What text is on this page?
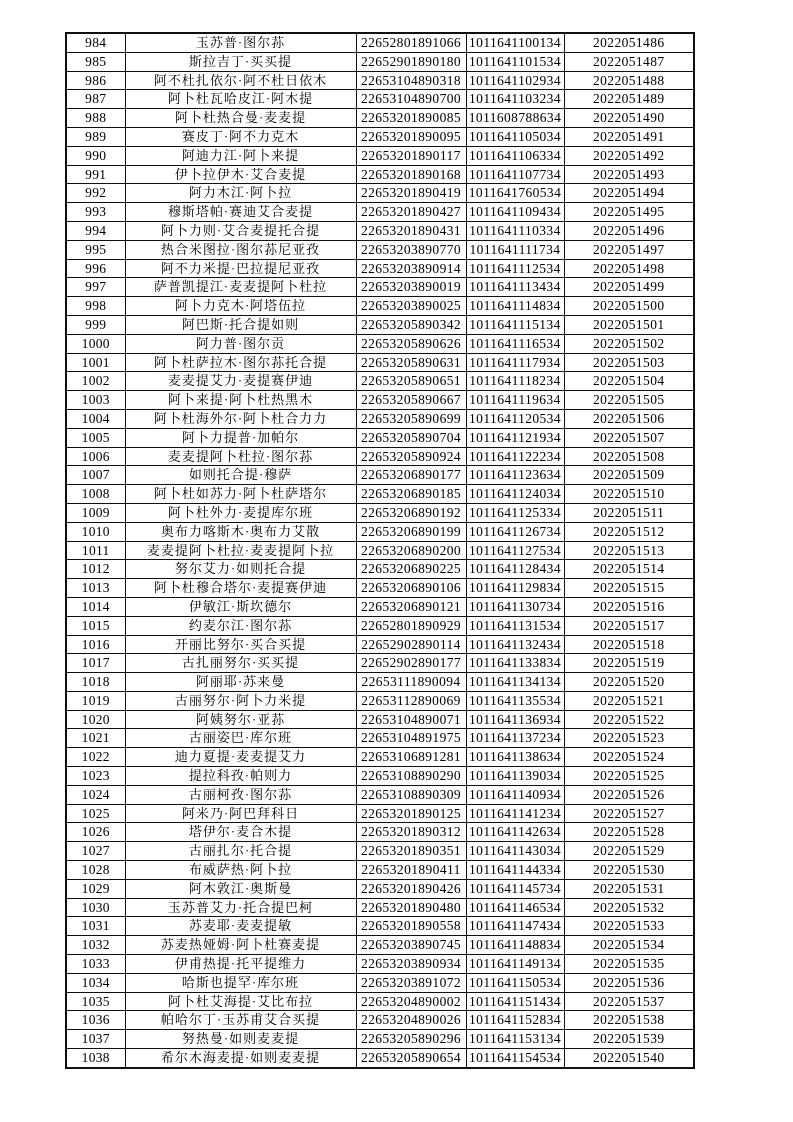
984	玉苏普·图尔荪	22652801891066	1011641100134	2022051486
985	斯拉吉丁·买买提	22652901890180	1011641101534	2022051487
986	阿不杜扎依尔·阿不杜日依木	22653104890318	1011641102934	2022051488
987	阿卜杜瓦哈皮江·阿木提	22653104890700	1011641103234	2022051489
988	阿卜杜热合曼·麦麦提	22653201890085	1011608788634	2022051490
989	赛皮丁·阿不力克木	22653201890095	1011641105034	2022051491
990	阿迪力江·阿卜来提	22653201890117	1011641106334	2022051492
991	伊卜拉伊木·艾合麦提	22653201890168	1011641107734	2022051493
992	阿力木江·阿卜拉	22653201890419	1011641760534	2022051494
993	穆斯塔帕·赛迪艾合麦提	22653201890427	1011641109434	2022051495
994	阿卜力则·艾合麦提托合提	22653201890431	1011641110334	2022051496
995	热合米图拉·图尔荪尼亚孜	22653203890770	1011641111734	2022051497
996	阿不力米提·巴拉提尼亚孜	22653203890914	1011641112534	2022051498
997	萨普凯提江·麦麦提阿卜杜拉	22653203890019	1011641113434	2022051499
998	阿卜力克木·阿塔伍拉	22653203890025	1011641114834	2022051500
999	阿巴斯·托合提如则	22653205890342	1011641115134	2022051501
1000	阿力普·图尔贡	22653205890626	1011641116534	2022051502
1001	阿卜杜萨拉木·图尔荪托合提	22653205890631	1011641117934	2022051503
1002	麦麦提艾力·麦提赛伊迪	22653205890651	1011641118234	2022051504
1003	阿卜来提·阿卜杜热黑木	22653205890667	1011641119634	2022051505
1004	阿卜杜海外尔·阿卜杜合力力	22653205890699	1011641120534	2022051506
1005	阿卜力提普·加帕尔	22653205890704	1011641121934	2022051507
1006	麦麦提阿卜杜拉·图尔荪	22653205890924	1011641122234	2022051508
1007	如则托合提·穆萨	22653206890177	1011641123634	2022051509
1008	阿卜杜如苏力·阿卜杜萨塔尔	22653206890185	1011641124034	2022051510
1009	阿卜杜外力·麦提库尔班	22653206890192	1011641125334	2022051511
1010	奥布力喀斯木·奥布力艾散	22653206890199	1011641126734	2022051512
1011	麦麦提阿卜杜拉·麦麦提阿卜拉	22653206890200	1011641127534	2022051513
1012	努尔艾力·如则托合提	22653206890225	1011641128434	2022051514
1013	阿卜杜穆合塔尔·麦提赛伊迪	22653206890106	1011641129834	2022051515
1014	伊敏江·斯坎德尔	22653206890121	1011641130734	2022051516
1015	约麦尔江·图尔荪	22652801890929	1011641131534	2022051517
1016	开丽比努尔·买合买提	22652902890114	1011641132434	2022051518
1017	古扎丽努尔·买买提	22652902890177	1011641133834	2022051519
1018	阿丽耶·苏来曼	22653111890094	1011641134134	2022051520
1019	古丽努尔·阿卜力米提	22653112890069	1011641135534	2022051521
1020	阿姨努尔·亚荪	22653104890071	1011641136934	2022051522
1021	古丽姿巴·库尔班	22653104891975	1011641137234	2022051523
1022	迪力夏提·麦麦提艾力	22653106891281	1011641138634	2022051524
1023	提拉科孜·帕则力	22653108890290	1011641139034	2022051525
1024	古丽柯孜·图尔荪	22653108890309	1011641140934	2022051526
1025	阿米乃·阿巴拜科日	22653201890125	1011641141234	2022051527
1026	塔伊尔·麦合木提	22653201890312	1011641142634	2022051528
1027	古丽扎尔·托合提	22653201890351	1011641143034	2022051529
1028	布威萨热·阿卜拉	22653201890411	1011641144334	2022051530
1029	阿木敦江·奥斯曼	22653201890426	1011641145734	2022051531
1030	玉苏普艾力·托合提巴柯	22653201890480	1011641146534	2022051532
1031	苏麦耶·麦麦提敏	22653201890558	1011641147434	2022051533
1032	苏麦热娅姆·阿卜杜赛麦提	22653203890745	1011641148834	2022051534
1033	伊甫热提·托平提维力	22653203890934	1011641149134	2022051535
1034	哈斯也提罕·库尔班	22653203891072	1011641150534	2022051536
1035	阿卜杜艾海提·艾比布拉	22653204890002	1011641151434	2022051537
1036	帕哈尔丁·玉苏甫艾合买提	22653204890026	1011641152834	2022051538
1037	努热曼·如则麦麦提	22653205890296	1011641153134	2022051539
1038	希尔木海麦提·如则麦麦提	22653205890654	1011641154534	2022051540
